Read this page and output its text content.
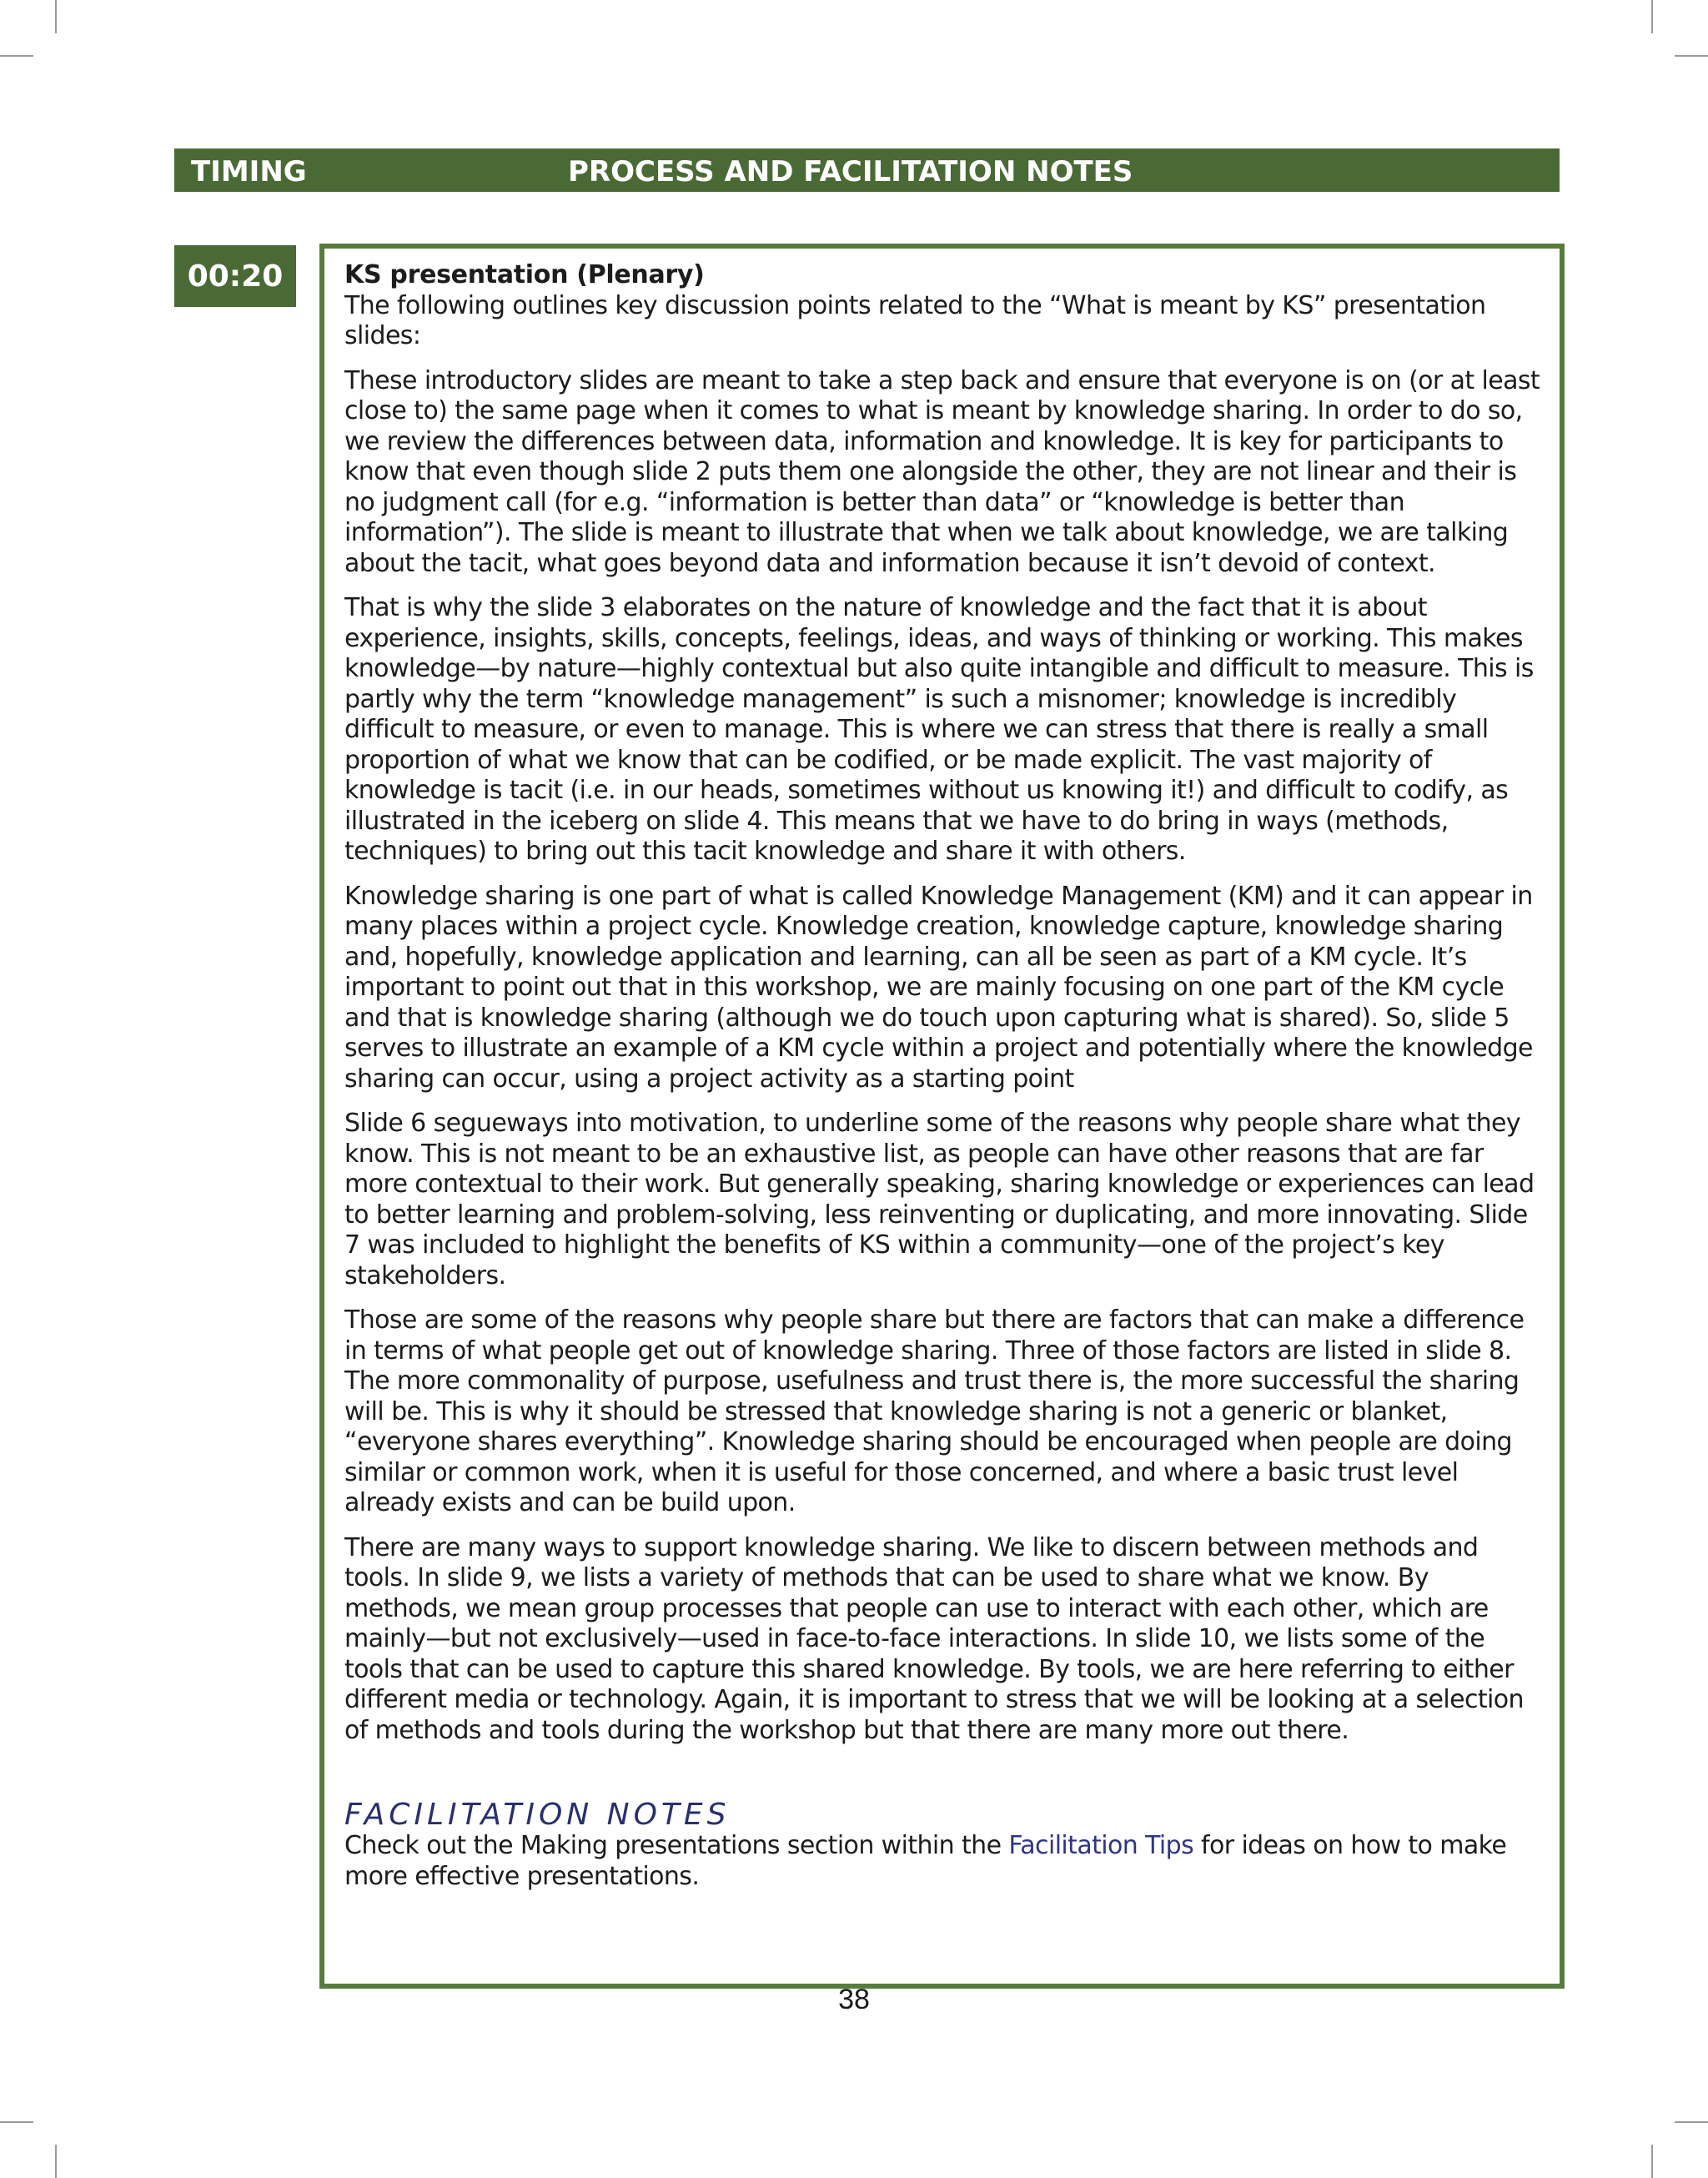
TIMING	PROCESS AND FACILITATION NOTES
00:20 KS presentation (Plenary)

The following outlines key discussion points related to the “What is meant by KS” presentation slides:

These introductory slides are meant to take a step back and ensure that everyone is on (or at least close to) the same page when it comes to what is meant by knowledge sharing. In order to do so, we review the differences between data, information and knowledge. It is key for participants to know that even though slide 2 puts them one alongside the other, they are not linear and their is no judgment call (for e.g. “information is better than data” or “knowledge is better than information”). The slide is meant to illustrate that when we talk about knowledge, we are talking about the tacit, what goes beyond data and information because it isn’t devoid of context.

That is why the slide 3 elaborates on the nature of knowledge and the fact that it is about experience, insights, skills, concepts, feelings, ideas, and ways of thinking or working. This makes knowledge—by nature—highly contextual but also quite intangible and difficult to measure. This is partly why the term “knowledge management” is such a misnomer; knowledge is incredibly difficult to measure, or even to manage. This is where we can stress that there is really a small proportion of what we know that can be codified, or be made explicit. The vast majority of knowledge is tacit (i.e. in our heads, sometimes without us knowing it!) and difficult to codify, as illustrated in the iceberg on slide 4. This means that we have to do bring in ways (methods, techniques) to bring out this tacit knowledge and share it with others.

Knowledge sharing is one part of what is called Knowledge Management (KM) and it can appear in many places within a project cycle. Knowledge creation, knowledge capture, knowledge sharing and, hopefully, knowledge application and learning, can all be seen as part of a KM cycle. It’s important to point out that in this workshop, we are mainly focusing on one part of the KM cycle and that is knowledge sharing (although we do touch upon capturing what is shared). So, slide 5 serves to illustrate an example of a KM cycle within a project and potentially where the knowledge sharing can occur, using a project activity as a starting point

Slide 6 segueways into motivation, to underline some of the reasons why people share what they know. This is not meant to be an exhaustive list, as people can have other reasons that are far more contextual to their work. But generally speaking, sharing knowledge or experiences can lead to better learning and problem-solving, less reinventing or duplicating, and more innovating. Slide 7 was included to highlight the benefits of KS within a community—one of the project’s key stakeholders.

Those are some of the reasons why people share but there are factors that can make a difference in terms of what people get out of knowledge sharing. Three of those factors are listed in slide 8. The more commonality of purpose, usefulness and trust there is, the more successful the sharing will be. This is why it should be stressed that knowledge sharing is not a generic or blanket, “everyone shares everything”. Knowledge sharing should be encouraged when people are doing similar or common work, when it is useful for those concerned, and where a basic trust level already exists and can be build upon.

There are many ways to support knowledge sharing. We like to discern between methods and tools. In slide 9, we lists a variety of methods that can be used to share what we know. By methods, we mean group processes that people can use to interact with each other, which are mainly—but not exclusively—used in face-to-face interactions. In slide 10, we lists some of the tools that can be used to capture this shared knowledge. By tools, we are here referring to either different media or technology. Again, it is important to stress that we will be looking at a selection of methods and tools during the workshop but that there are many more out there.

FACILITATION NOTES

Check out the Making presentations section within the Facilitation Tips for ideas on how to make more effective presentations.

38
